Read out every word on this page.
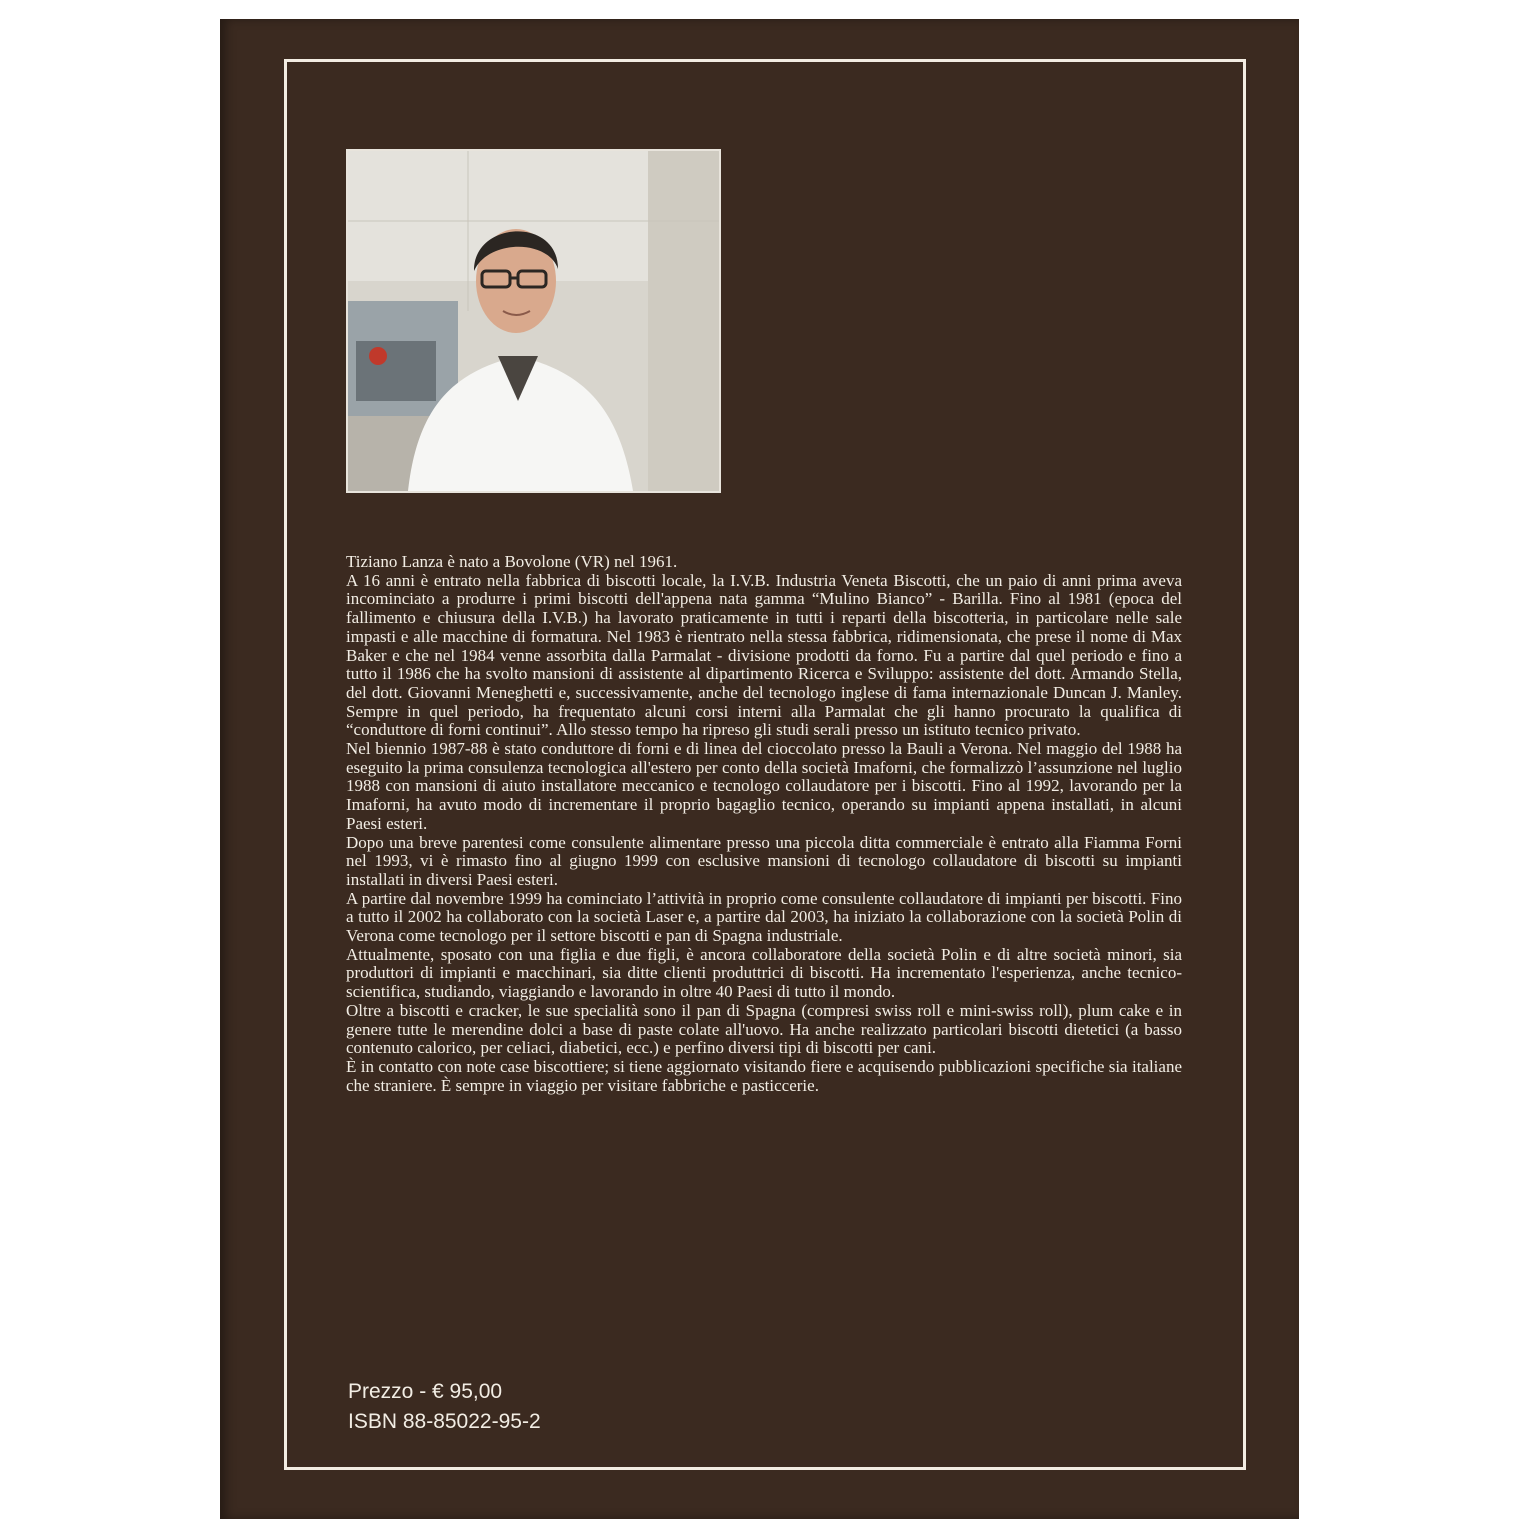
Tiziano Lanza è nato a Bovolone (VR) nel 1961.

A 16 anni è entrato nella fabbrica di biscotti locale, la I.V.B. Industria Veneta Biscotti, che un paio di anni prima aveva incominciato a produrre i primi biscotti dell'appena nata gamma “Mulino Bianco” - Barilla. Fino al 1981 (epoca del fallimento e chiusura della I.V.B.) ha lavorato praticamente in tutti i reparti della biscotteria, in particolare nelle sale impasti e alle macchine di formatura. Nel 1983 è rientrato nella stessa fabbrica, ridimensionata, che prese il nome di Max Baker e che nel 1984 venne assorbita dalla Parmalat - divisione prodotti da forno. Fu a partire dal quel periodo e fino a tutto il 1986 che ha svolto mansioni di assistente al dipartimento Ricerca e Sviluppo: assistente del dott. Armando Stella, del dott. Giovanni Meneghetti e, successivamente, anche del tecnologo inglese di fama internazionale Duncan J. Manley. Sempre in quel periodo, ha frequentato alcuni corsi interni alla Parmalat che gli hanno procurato la qualifica di “conduttore di forni continui”. Allo stesso tempo ha ripreso gli studi serali presso un istituto tecnico privato.

Nel biennio 1987-88 è stato conduttore di forni e di linea del cioccolato presso la Bauli a Verona. Nel maggio del 1988 ha eseguito la prima consulenza tecnologica all'estero per conto della società Imaforni, che formalizzò l’assunzione nel luglio 1988 con mansioni di aiuto installatore meccanico e tecnologo collaudatore per i biscotti. Fino al 1992, lavorando per la Imaforni, ha avuto modo di incrementare il proprio bagaglio tecnico, operando su impianti appena installati, in alcuni Paesi esteri.

Dopo una breve parentesi come consulente alimentare presso una piccola ditta commerciale è entrato alla Fiamma Forni nel 1993, vi è rimasto fino al giugno 1999 con esclusive mansioni di tecnologo collaudatore di biscotti su impianti installati in diversi Paesi esteri.

A partire dal novembre 1999 ha cominciato l’attività in proprio come consulente collaudatore di impianti per biscotti. Fino a tutto il 2002 ha collaborato con la società Laser e, a partire dal 2003, ha iniziato la collaborazione con la società Polin di Verona come tecnologo per il settore biscotti e pan di Spagna industriale.

Attualmente, sposato con una figlia e due figli, è ancora collaboratore della società Polin e di altre società minori, sia produttori di impianti e macchinari, sia ditte clienti produttrici di biscotti. Ha incrementato l'esperienza, anche tecnico-scientifica, studiando, viaggiando e lavorando in oltre 40 Paesi di tutto il mondo.

Oltre a biscotti e cracker, le sue specialità sono il pan di Spagna (compresi swiss roll e mini-swiss roll), plum cake e in genere tutte le merendine dolci a base di paste colate all'uovo. Ha anche realizzato particolari biscotti dietetici (a basso contenuto calorico, per celiaci, diabetici, ecc.) e perfino diversi tipi di biscotti per cani.

È in contatto con note case biscottiere; si tiene aggiornato visitando fiere e acquisendo pubblicazioni specifiche sia italiane che straniere. È sempre in viaggio per visitare fabbriche e pasticcerie.

Prezzo - € 95,00
ISBN 88-85022-95-2
